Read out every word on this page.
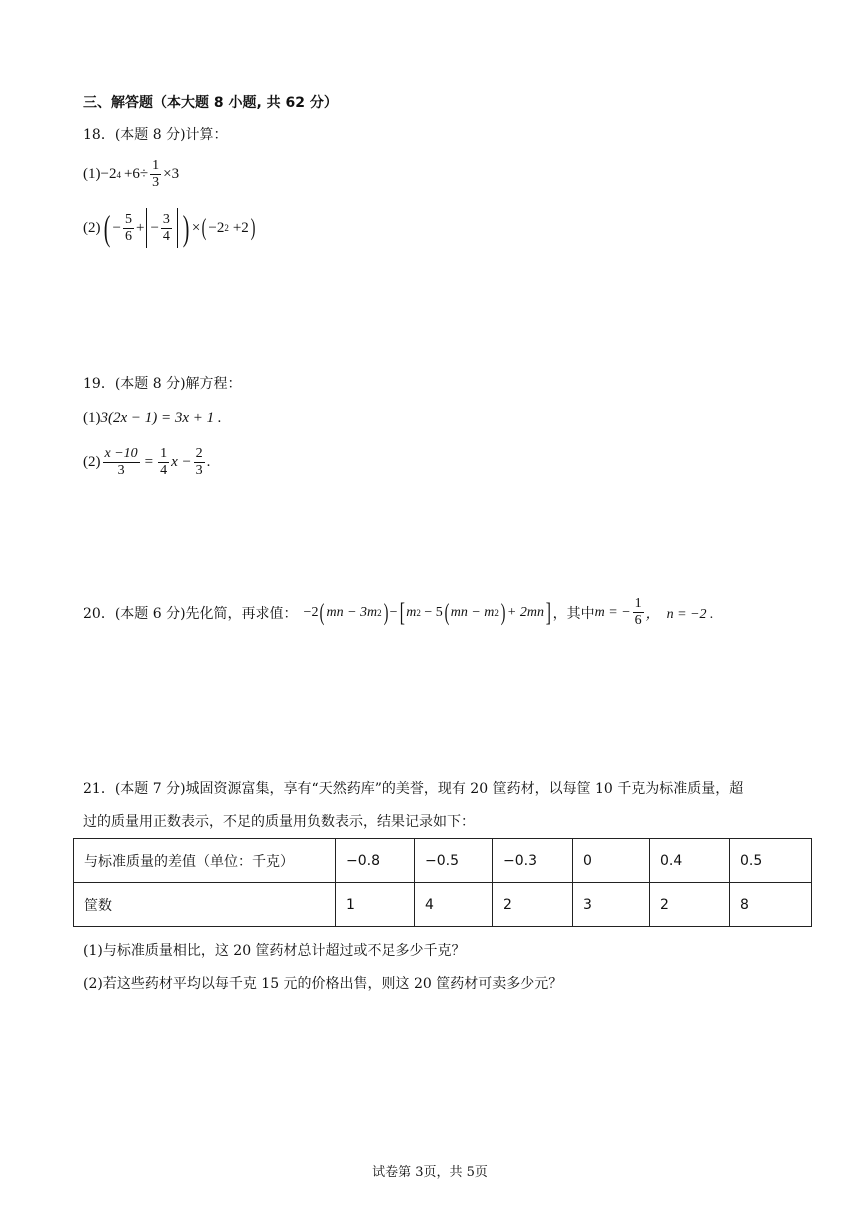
三、解答题（本大题 8 小题, 共 62 分）
18．(本题 8 分)计算：
(1) −2 $4 +6\div \frac{1}{3} \times 3$
(2) ( − $\frac{5}{6}$ + − $\frac{3}{4}$ ) × ( −2 2 +2 )
19．(本题 8 分)解方程：
(1) 3(2x − 1) = 3x + 1 .
$(2) \frac{x -10}{3} = \frac{1}{4}$ $x - \frac{2}{3}$ .
20．(本题 6 分)先化简，再求值： −2 ( mn − 3m 2 ) − [ m 2 − 5 ( mn − m 2 ) + 2mn ] ，其中 m = − $\frac{1}{6}$ ，  n = −2 .
21．(本题 7 分)城固资源富集，享有“天然药库”的美誉，现有 20 筐药材，以每筐 10 千克为标准质量，超
过的质量用正数表示，不足的质量用负数表示，结果记录如下：
与标准质量的差值（单位：千克）	−0.8	−0.5	−0.3	0	0.4	0.5
筐数	1	4	2	3	2	8
(1)与标准质量相比，这 20 筐药材总计超过或不足多少千克？
(2)若这些药材平均以每千克 15 元的价格出售，则这 20 筐药材可卖多少元？
试卷第 3页，共 5页
